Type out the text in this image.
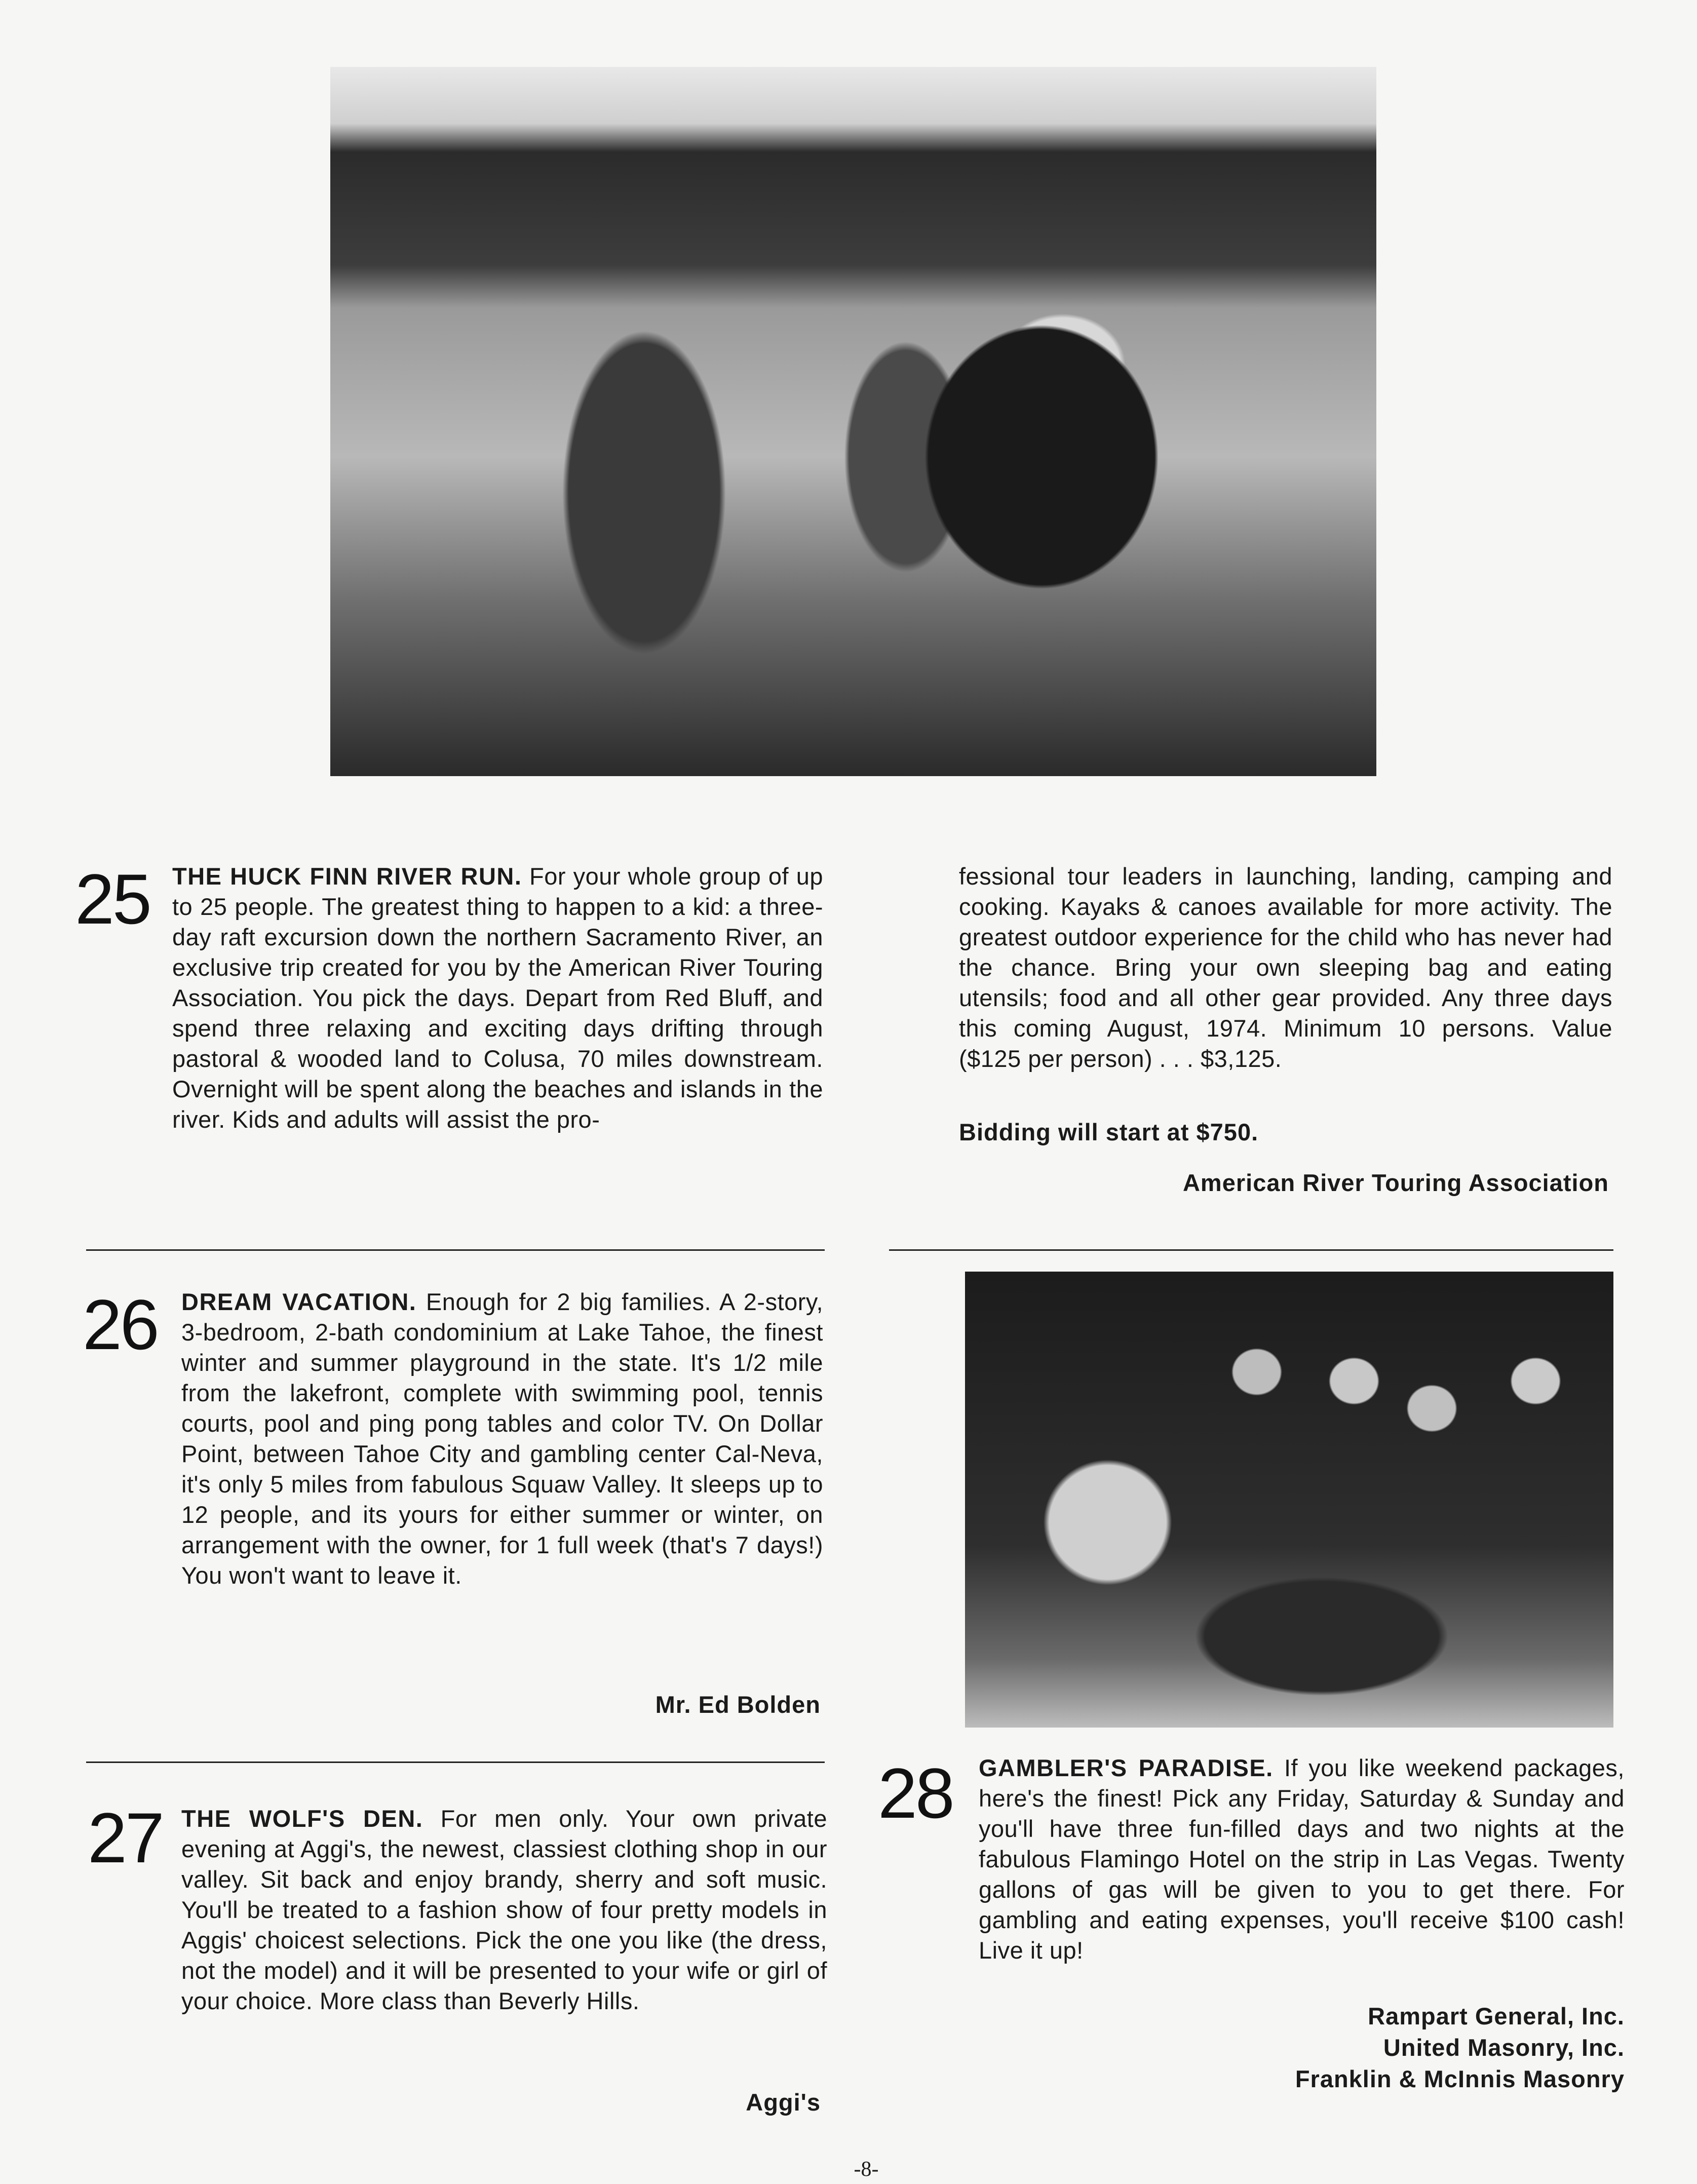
25 THE HUCK FINN RIVER RUN. For your whole group of up to 25 people. The greatest thing to happen to a kid: a three-day raft excursion down the northern Sacramento River, an exclusive trip created for you by the American River Touring Association. You pick the days. Depart from Red Bluff, and spend three relaxing and exciting days drifting through pastoral & wooded land to Colusa, 70 miles downstream. Overnight will be spent along the beaches and islands in the river. Kids and adults will assist the pro-
fessional tour leaders in launching, landing, camping and cooking. Kayaks & canoes available for more activity. The greatest outdoor experience for the child who has never had the chance. Bring your own sleeping bag and eating utensils; food and all other gear provided. Any three days this coming August, 1974. Minimum 10 persons. Value ($125 per person) . . . $3,125.
Bidding will start at $750.
American River Touring Association
26 DREAM VACATION. Enough for 2 big families. A 2-story, 3-bedroom, 2-bath condominium at Lake Tahoe, the finest winter and summer playground in the state. It's 1/2 mile from the lakefront, complete with swimming pool, tennis courts, pool and ping pong tables and color TV. On Dollar Point, between Tahoe City and gambling center Cal-Neva, it's only 5 miles from fabulous Squaw Valley. It sleeps up to 12 people, and its yours for either summer or winter, on arrangement with the owner, for 1 full week (that's 7 days!) You won't want to leave it.
Mr. Ed Bolden
27 THE WOLF'S DEN. For men only. Your own private evening at Aggi's, the newest, classiest clothing shop in our valley. Sit back and enjoy brandy, sherry and soft music. You'll be treated to a fashion show of four pretty models in Aggis' choicest selections. Pick the one you like (the dress, not the model) and it will be presented to your wife or girl of your choice. More class than Beverly Hills.
Aggi's
28 GAMBLER'S PARADISE. If you like weekend packages, here's the finest! Pick any Friday, Saturday & Sunday and you'll have three fun-filled days and two nights at the fabulous Flamingo Hotel on the strip in Las Vegas. Twenty gallons of gas will be given to you to get there. For gambling and eating expenses, you'll receive $100 cash! Live it up!
Rampart General, Inc.
United Masonry, Inc.
Franklin & McInnis Masonry
-8-
